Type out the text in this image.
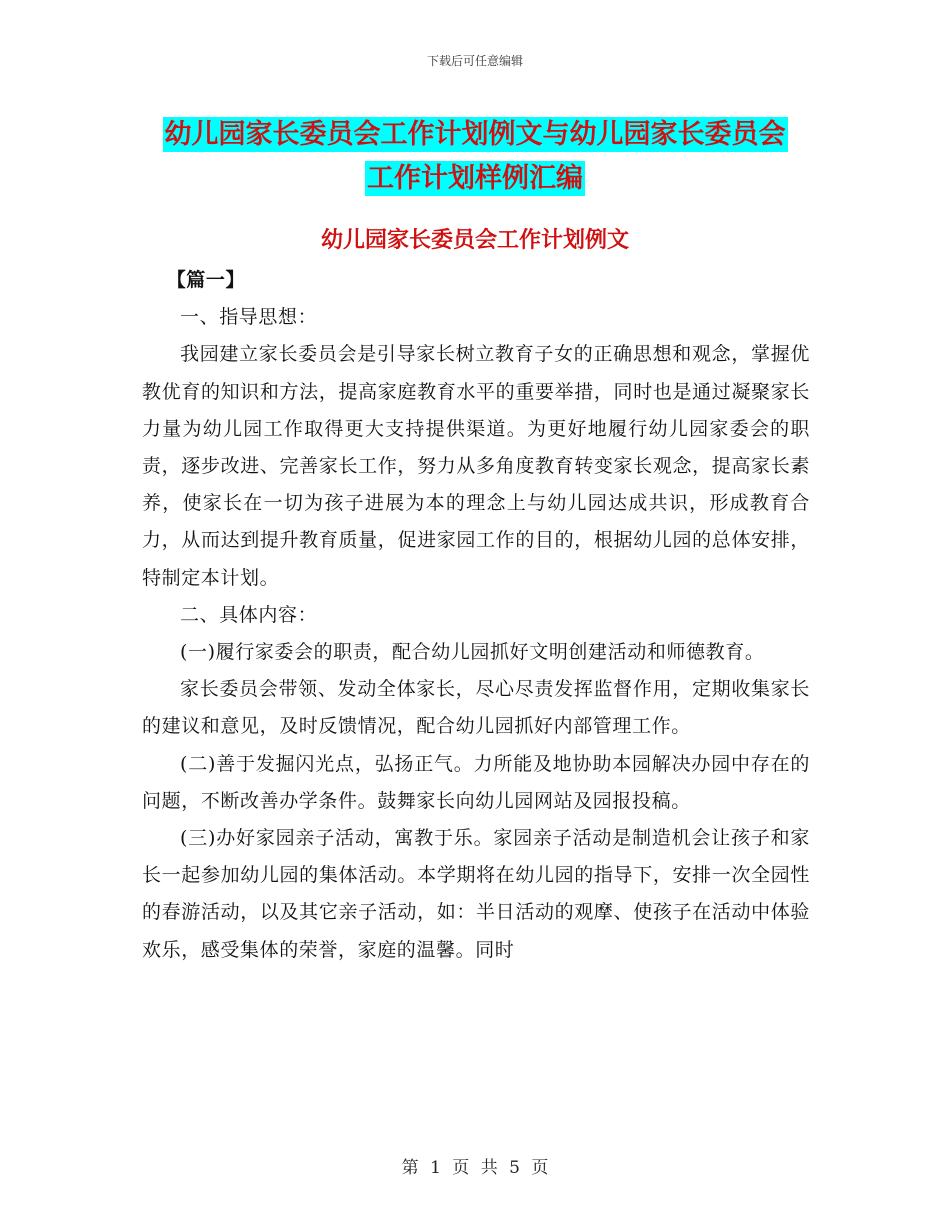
下载后可任意编辑
幼儿园家长委员会工作计划例文与幼儿园家长委员会
工作计划样例汇编
幼儿园家长委员会工作计划例文

【篇一】

一、指导思想：

我园建立家长委员会是引导家长树立教育子女的正确思想和观念，掌握优教优育的知识和方法，提高家庭教育水平的重要举措，同时也是通过凝聚家长力量为幼儿园工作取得更大支持提供渠道。为更好地履行幼儿园家委会的职责，逐步改进、完善家长工作，努力从多角度教育转变家长观念，提高家长素养，使家长在一切为孩子进展为本的理念上与幼儿园达成共识，形成教育合力，从而达到提升教育质量，促进家园工作的目的，根据幼儿园的总体安排，特制定本计划。

二、具体内容：

(一)履行家委会的职责，配合幼儿园抓好文明创建活动和师德教育。

家长委员会带领、发动全体家长，尽心尽责发挥监督作用，定期收集家长的建议和意见，及时反馈情况，配合幼儿园抓好内部管理工作。

(二)善于发掘闪光点，弘扬正气。力所能及地协助本园解决办园中存在的问题，不断改善办学条件。鼓舞家长向幼儿园网站及园报投稿。

(三)办好家园亲子活动，寓教于乐。家园亲子活动是制造机会让孩子和家长一起参加幼儿园的集体活动。本学期将在幼儿园的指导下，安排一次全园性的春游活动，以及其它亲子活动，如：半日活动的观摩、使孩子在活动中体验欢乐，感受集体的荣誉，家庭的温馨。同时

第 1 页 共 5 页
